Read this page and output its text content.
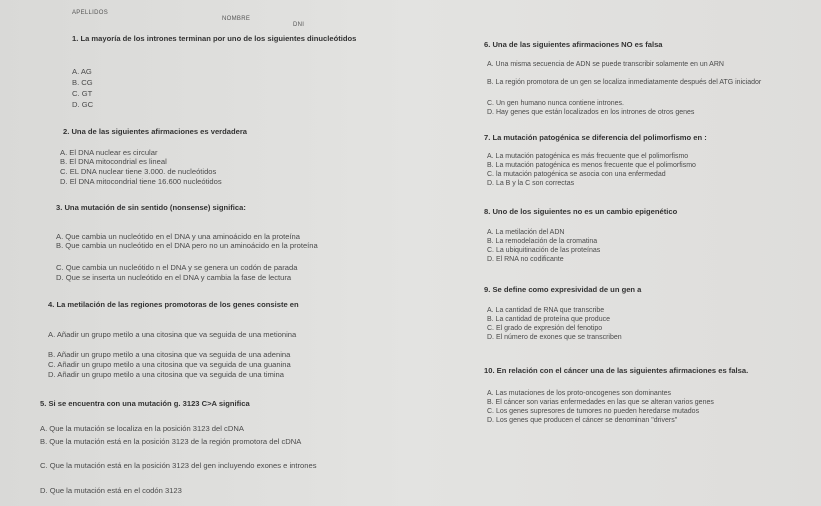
APELLIDOS
NOMBRE
DNI
1. La mayoría de los intrones terminan por uno de los siguientes dinucleótidos
A. AG
B. CG
C. GT
D. GC
2. Una de las siguientes afirmaciones es verdadera
A. El DNA nuclear es circular
B. El DNA mitocondrial es lineal
C. EL DNA nuclear tiene 3.000. de nucleótidos
D. El DNA mitocondrial tiene 16.600 nucleótidos
3. Una mutación de sin sentido (nonsense) significa:
A. Que cambia un nucleótido en el DNA y una aminoácido en la proteína
B. Que cambia un nucleótido en el DNA pero no un aminoácido en la proteína
C. Que cambia un nucleótido n el DNA y se genera un codón de parada
D. Que se inserta un nucleótido en el DNA y cambia la fase de lectura
4. La metilación de las regiones promotoras de los genes consiste en
A. Añadir un grupo metilo a una citosina que va seguida de una metionina
B. Añadir un grupo metilo a una citosina que va seguida de una adenina
C. Añadir un grupo metilo a una citosina que va seguida de una guanina
D. Añadir un grupo metilo a una citosina que va seguida de una timina
5. Si se encuentra con una mutación g. 3123 C>A significa
A. Que la mutación se localiza en la posición 3123 del cDNA
B. Que la mutación está en la posición 3123 de la región promotora del cDNA
C. Que la mutación está en la posición 3123 del gen incluyendo exones e intrones
D. Que la mutación está en el codón 3123
6. Una de las siguientes afirmaciones NO es falsa
A. Una misma secuencia de ADN se puede transcribir solamente en un ARN
B. La región promotora de un gen se localiza inmediatamente después del ATG iniciador
C. Un gen humano nunca contiene intrones.
D. Hay genes que están localizados en los intrones de otros genes
7. La mutación patogénica se diferencia del polimorfismo en :
A. La mutación patogénica es más frecuente que el polimorfismo
B. La mutación patogénica es menos frecuente que el polimorfismo
C. la mutación patogénica se asocia con una enfermedad
D. La B y la C son correctas
8. Uno de los siguientes no es un cambio epigenético
A. La metilación del ADN
B. La remodelación de la cromatina
C. La ubiquitinación de las proteínas
D. El RNA no codificante
9. Se define como expresividad de un gen a
A. La cantidad de RNA que transcribe
B. La cantidad de proteína que produce
C. El grado de expresión del fenotipo
D. El número de exones que se transcriben
10. En relación con el cáncer una de las siguientes afirmaciones es falsa.
A. Las mutaciones de los proto-oncogenes son dominantes
B. El cáncer son varias enfermedades en las que se alteran varios genes
C. Los genes supresores de tumores no pueden heredarse mutados
D. Los genes que producen el cáncer se denominan "drivers"
